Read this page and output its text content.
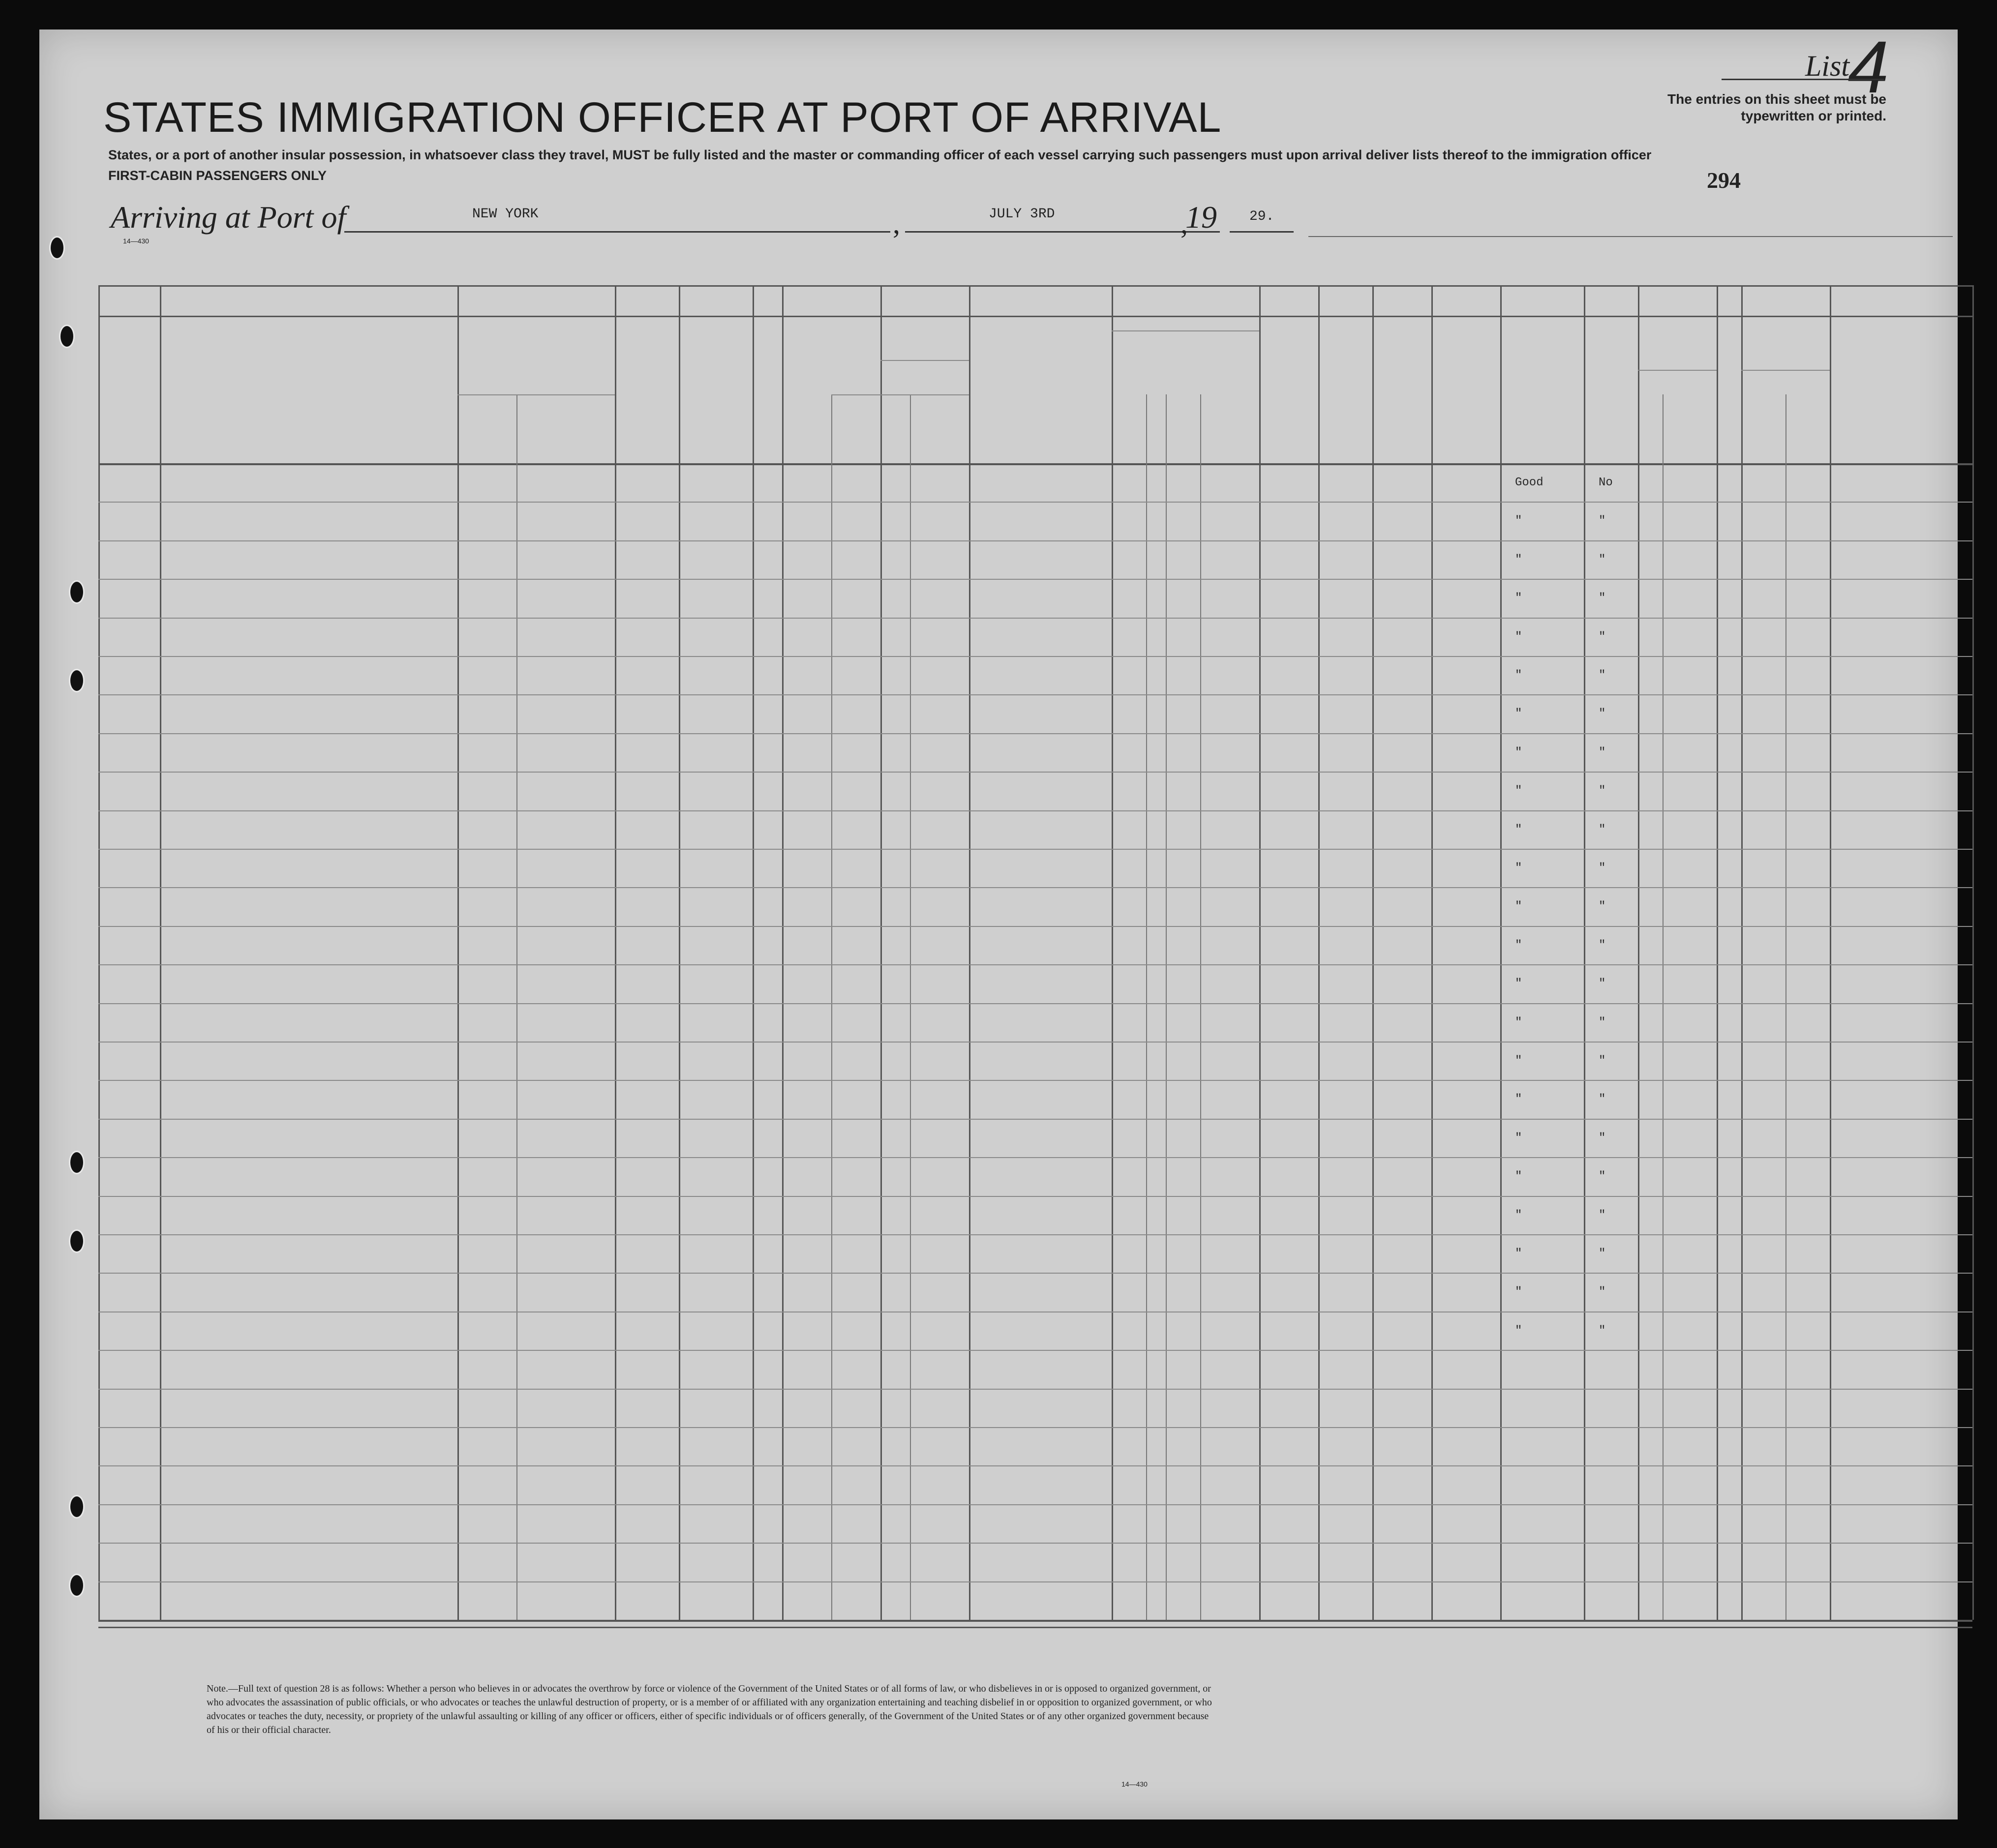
STATES IMMIGRATION OFFICER AT PORT OF ARRIVAL
List
4
The entries on this sheet must be typewritten or printed.
States, or a port of another insular possession, in whatsoever class they travel, MUST be fully listed and the master or commanding officer of each vessel carrying such passengers must upon arrival deliver lists thereof to the immigration officer
FIRST-CABIN PASSENGERS ONLY	294
Arriving at Port of	NEW YORK	,	JULY 3RD	,
19 29.
14—430
Good	No
"	"
"	"
"	"
"	"
"	"
"	"
"	"
"	"
"	"
"	"
"	"
"	"
"	"
"	"
"	"
"	"
"	"
"	"
"	"
"	"
"	"
"	"
Note.—Full text of question 28 is as follows: Whether a person who believes in or advocates the overthrow by force or violence of the Government of the United States or of all forms of law, or who disbelieves in or is opposed to organized government, or who advocates the assassination of public officials, or who advocates or teaches the unlawful destruction of property, or is a member of or affiliated with any organization entertaining and teaching disbelief in or opposition to organized government, or who advocates or teaches the duty, necessity, or propriety of the unlawful assaulting or killing of any officer or officers, either of specific individuals or of officers generally, of the Government of the United States or of any other organized government because of his or their official character.
14—430
